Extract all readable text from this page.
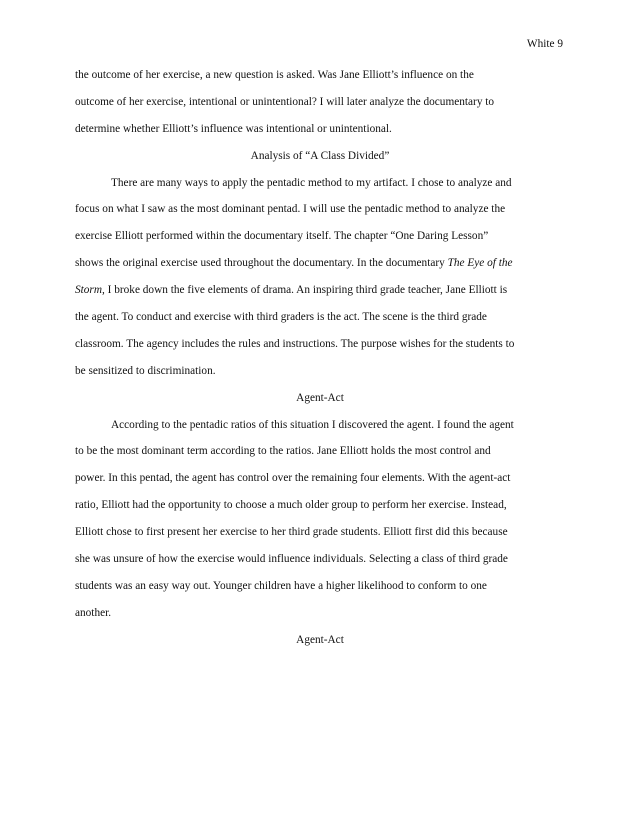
White 9
the outcome of her exercise, a new question is asked. Was Jane Elliott’s influence on the
outcome of her exercise, intentional or unintentional? I will later analyze the documentary to
determine whether Elliott’s influence was intentional or unintentional.
Analysis of “A Class Divided”
There are many ways to apply the pentadic method to my artifact. I chose to analyze and
focus on what I saw as the most dominant pentad. I will use the pentadic method to analyze the
exercise Elliott performed within the documentary itself. The chapter “One Daring Lesson”
shows the original exercise used throughout the documentary. In the documentary The Eye of the
Storm, I broke down the five elements of drama. An inspiring third grade teacher, Jane Elliott is
the agent. To conduct and exercise with third graders is the act. The scene is the third grade
classroom. The agency includes the rules and instructions. The purpose wishes for the students to
be sensitized to discrimination.
Agent-Act
According to the pentadic ratios of this situation I discovered the agent. I found the agent
to be the most dominant term according to the ratios. Jane Elliott holds the most control and
power. In this pentad, the agent has control over the remaining four elements. With the agent-act
ratio, Elliott had the opportunity to choose a much older group to perform her exercise. Instead,
Elliott chose to first present her exercise to her third grade students. Elliott first did this because
she was unsure of how the exercise would influence individuals. Selecting a class of third grade
students was an easy way out. Younger children have a higher likelihood to conform to one
another.
Agent-Act
